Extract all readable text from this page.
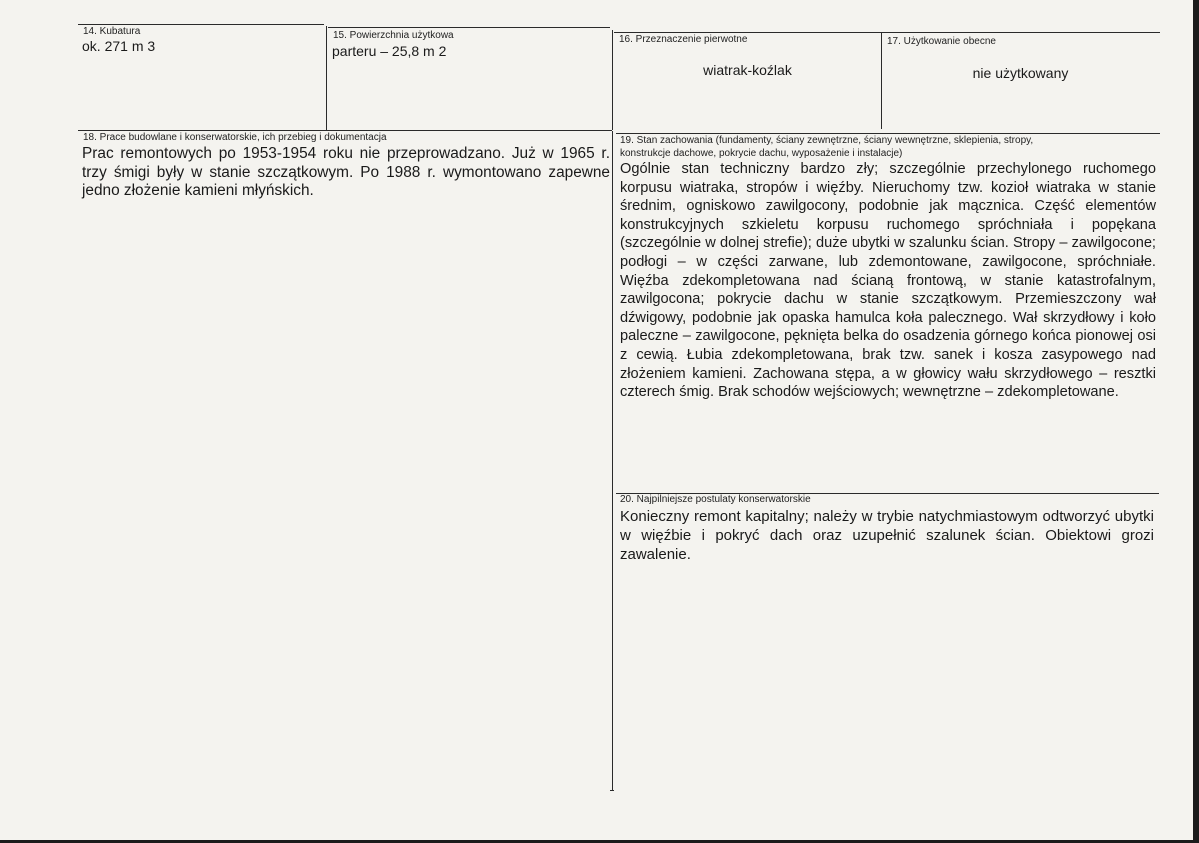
14. Kubatura
ok. 271 m 3
15. Powierzchnia użytkowa
parteru – 25,8 m 2
16. Przeznaczenie pierwotne
wiatrak-koźlak
17. Użytkowanie obecne
nie użytkowany
18. Prace budowlane i konserwatorskie, ich przebieg i dokumentacja
Prac remontowych po 1953-1954 roku nie przeprowadzano. Już w 1965 r. trzy śmigi były w stanie szczątkowym. Po 1988 r. wymontowano zapewne jedno złożenie kamieni młyńskich.
19. Stan zachowania (fundamenty, ściany zewnętrzne, ściany wewnętrzne, sklepienia, stropy,
konstrukcje dachowe, pokrycie dachu, wyposażenie i instalacje)
Ogólnie stan techniczny bardzo zły; szczególnie przechylonego ruchomego korpusu wiatraka, stropów i więźby. Nieruchomy tzw. kozioł wiatraka w stanie średnim, ogniskowo zawilgocony, podobnie jak mącznica. Część elementów konstrukcyjnych szkieletu korpusu ruchomego spróchniała i popękana (szczególnie w dolnej strefie); duże ubytki w szalunku ścian. Stropy – zawilgocone; podłogi – w części zarwane, lub zdemontowane, zawilgocone, spróchniałe. Więźba zdekompletowana nad ścianą frontową, w stanie katastrofalnym, zawilgocona; pokrycie dachu w stanie szczątkowym. Przemieszczony wał dźwigowy, podobnie jak opaska hamulca koła palecznego. Wał skrzydłowy i koło paleczne – zawilgocone, pęknięta belka do osadzenia górnego końca pionowej osi z cewią. Łubia zdekompletowana, brak tzw. sanek i kosza zasypowego nad złożeniem kamieni. Zachowana stępa, a w głowicy wału skrzydłowego – resztki czterech śmig. Brak schodów wejściowych; wewnętrzne – zdekompletowane.
20. Najpilniejsze postulaty konserwatorskie
Konieczny remont kapitalny; należy w trybie natychmiastowym odtworzyć ubytki w więźbie i pokryć dach oraz uzupełnić szalunek ścian. Obiektowi grozi zawalenie.
